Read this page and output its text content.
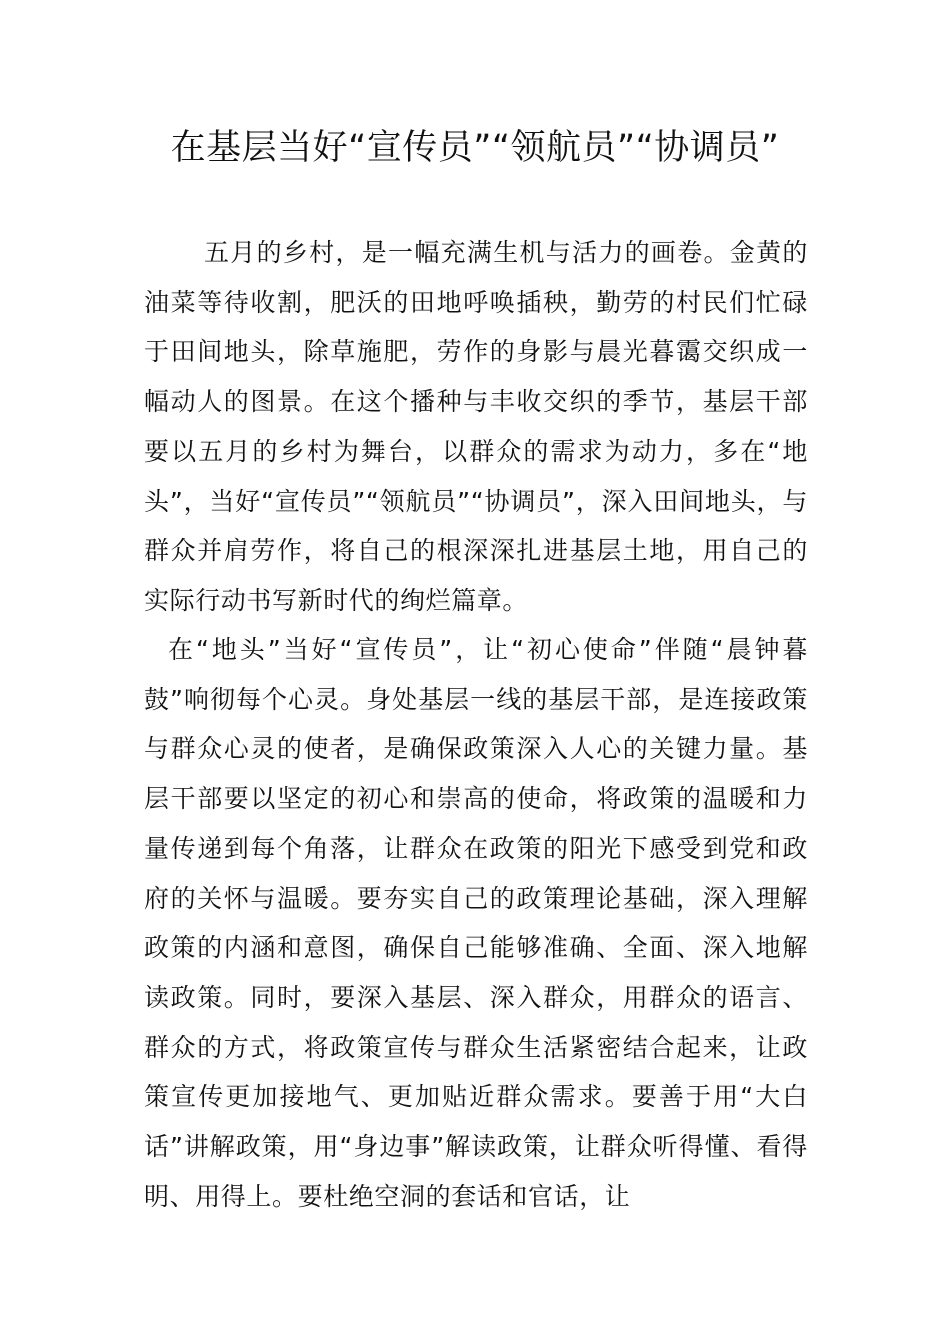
在基层当好“宣传员”“领航员”“协调员”

五月的乡村，是一幅充满生机与活力的画卷。金黄的油菜等待收割，肥沃的田地呼唤插秧，勤劳的村民们忙碌于田间地头，除草施肥，劳作的身影与晨光暮霭交织成一幅动人的图景。在这个播种与丰收交织的季节，基层干部要以五月的乡村为舞台，以群众的需求为动力，多在“地头”，当好“宣传员”“领航员”“协调员”，深入田间地头，与群众并肩劳作，将自己的根深深扎进基层土地，用自己的实际行动书写新时代的绚烂篇章。

在“地头”当好“宣传员”，让“初心使命”伴随“晨钟暮鼓”响彻每个心灵。身处基层一线的基层干部，是连接政策与群众心灵的使者，是确保政策深入人心的关键力量。基层干部要以坚定的初心和崇高的使命，将政策的温暖和力量传递到每个角落，让群众在政策的阳光下感受到党和政府的关怀与温暖。要夯实自己的政策理论基础，深入理解政策的内涵和意图，确保自己能够准确、全面、深入地解读政策。同时，要深入基层、深入群众，用群众的语言、群众的方式，将政策宣传与群众生活紧密结合起来，让政策宣传更加接地气、更加贴近群众需求。要善于用“大白话”讲解政策，用“身边事”解读政策，让群众听得懂、看得明、用得上。要杜绝空洞的套话和官话，让
